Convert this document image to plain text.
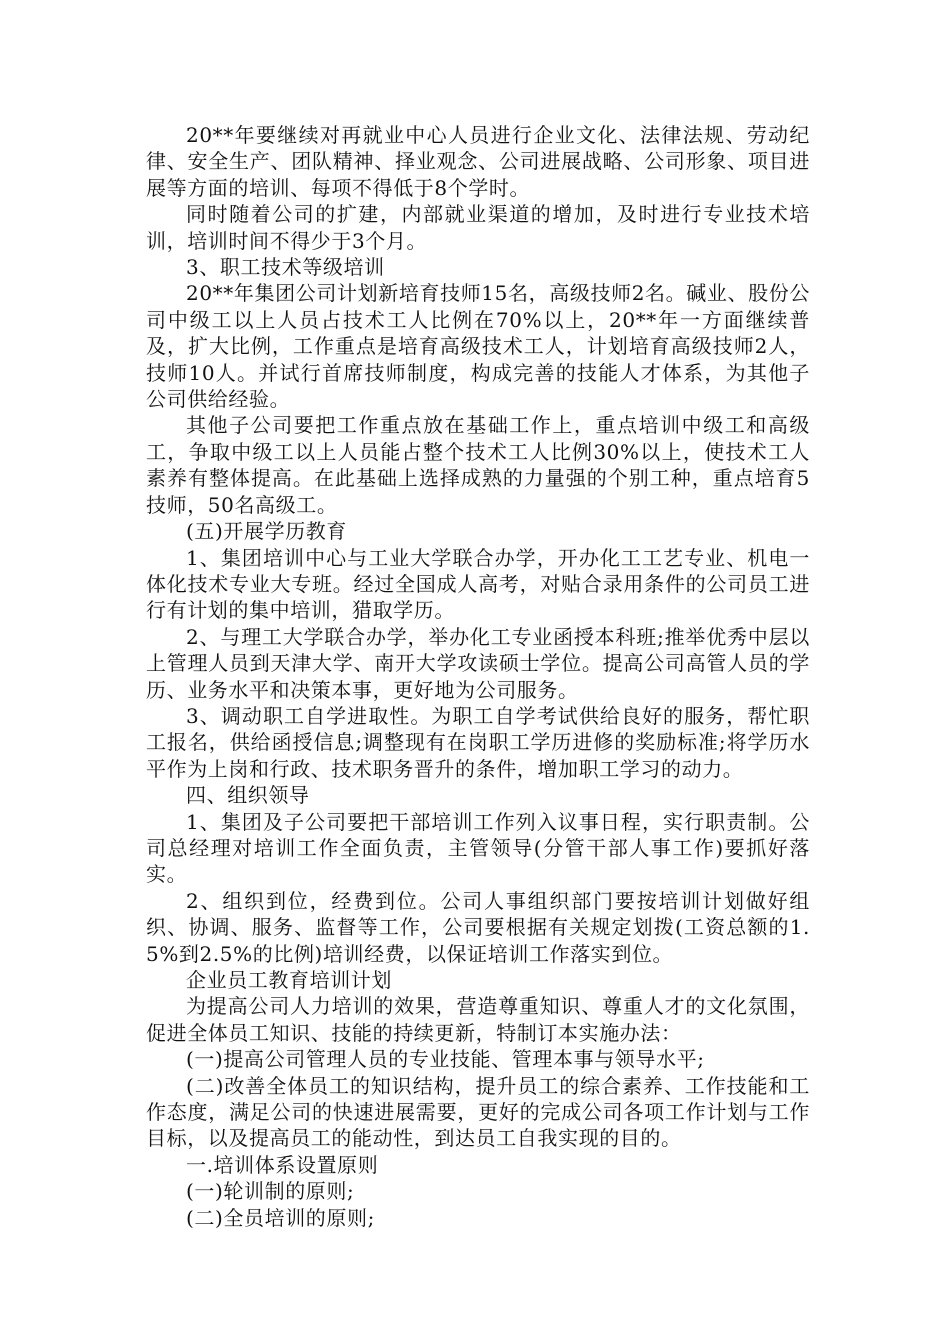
20**年要继续对再就业中心人员进行企业文化、法律法规、劳动纪律、安全生产、团队精神、择业观念、公司进展战略、公司形象、项目进展等方面的培训、每项不得低于8个学时。

同时随着公司的扩建，内部就业渠道的增加，及时进行专业技术培训，培训时间不得少于3个月。

3、职工技术等级培训

20**年集团公司计划新培育技师15名，高级技师2名。碱业、股份公司中级工以上人员占技术工人比例在70%以上，20**年一方面继续普及，扩大比例，工作重点是培育高级技术工人，计划培育高级技师2人，技师10人。并试行首席技师制度，构成完善的技能人才体系，为其他子公司供给经验。

其他子公司要把工作重点放在基础工作上，重点培训中级工和高级工，争取中级工以上人员能占整个技术工人比例30%以上，使技术工人素养有整体提高。在此基础上选择成熟的力量强的个别工种，重点培育5技师，50名高级工。

(五)开展学历教育

1、集团培训中心与工业大学联合办学，开办化工工艺专业、机电一体化技术专业大专班。经过全国成人高考，对贴合录用条件的公司员工进行有计划的集中培训，猎取学历。

2、与理工大学联合办学，举办化工专业函授本科班;推举优秀中层以上管理人员到天津大学、南开大学攻读硕士学位。提高公司高管人员的学历、业务水平和决策本事，更好地为公司服务。

3、调动职工自学进取性。为职工自学考试供给良好的服务，帮忙职工报名，供给函授信息;调整现有在岗职工学历进修的奖励标准;将学历水平作为上岗和行政、技术职务晋升的条件，增加职工学习的动力。

四、组织领导

1、集团及子公司要把干部培训工作列入议事日程，实行职责制。公司总经理对培训工作全面负责，主管领导(分管干部人事工作)要抓好落实。

2、组织到位，经费到位。公司人事组织部门要按培训计划做好组织、协调、服务、监督等工作，公司要根据有关规定划拨(工资总额的1.5%到2.5%的比例)培训经费，以保证培训工作落实到位。

企业员工教育培训计划

为提高公司人力培训的效果，营造尊重知识、尊重人才的文化氛围，促进全体员工知识、技能的持续更新，特制订本实施办法：

(一)提高公司管理人员的专业技能、管理本事与领导水平;

(二)改善全体员工的知识结构，提升员工的综合素养、工作技能和工作态度，满足公司的快速进展需要，更好的完成公司各项工作计划与工作目标，以及提高员工的能动性，到达员工自我实现的目的。

一.培训体系设置原则

(一)轮训制的原则;

(二)全员培训的原则;
